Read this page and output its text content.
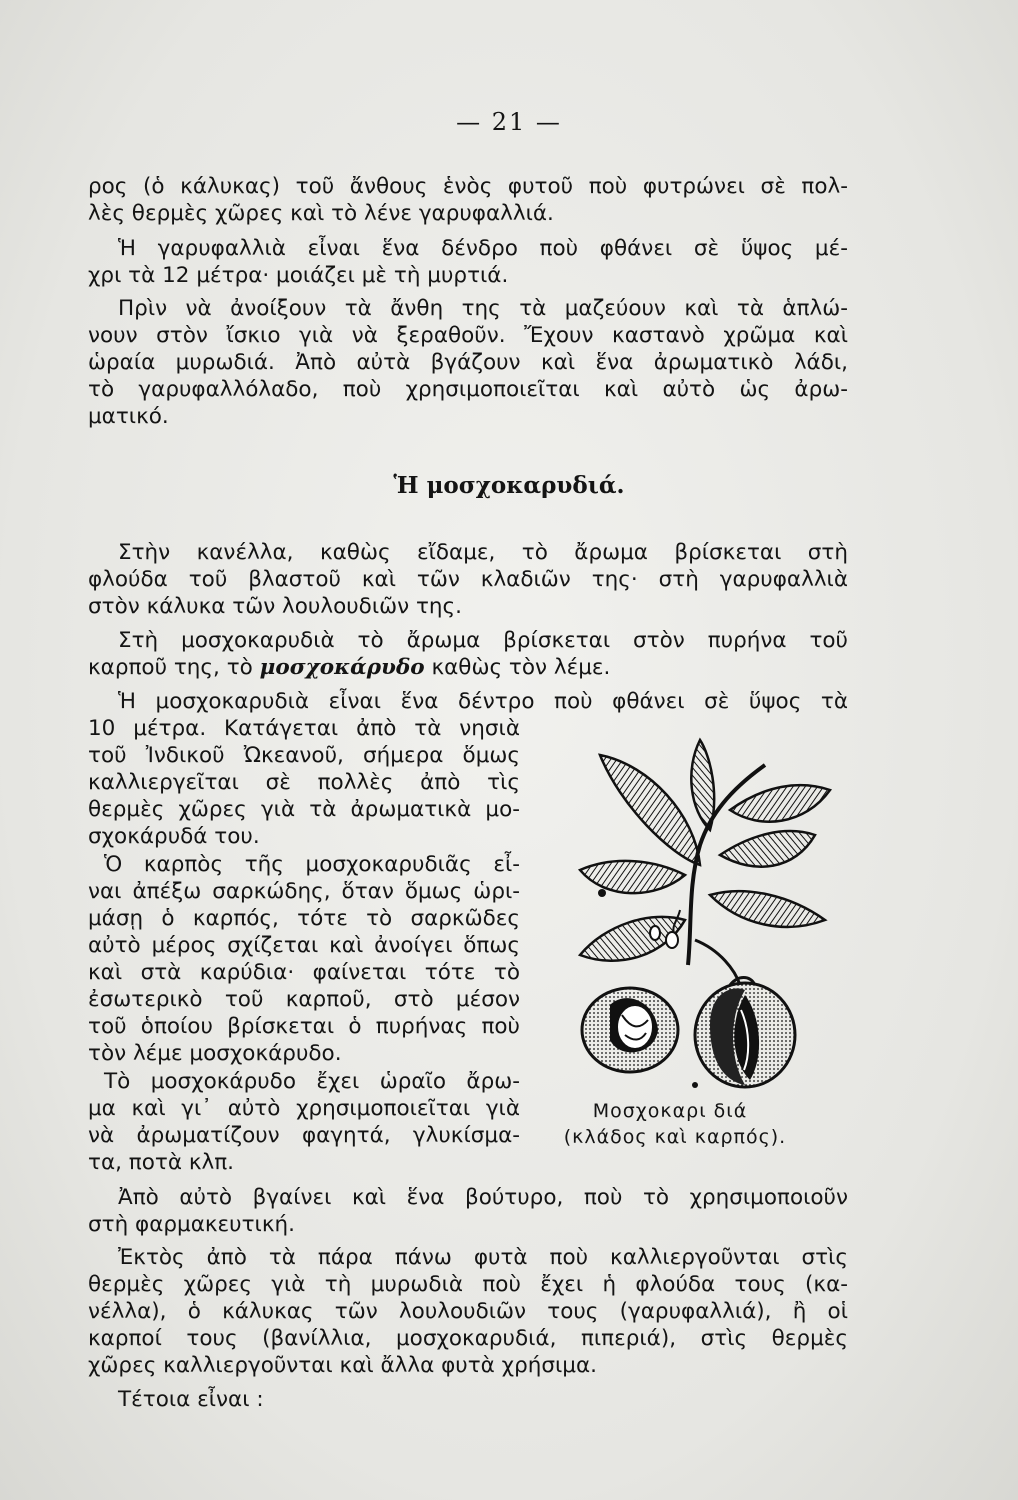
— 21 —
ρος (ὁ κάλυκας) τοῦ ἄνθους ἑνὸς φυτοῦ ποὺ φυτρώνει σὲ πολ-
λὲς θερμὲς χῶρες καὶ τὸ λένε γαρυφαλλιά.
Ἡ γαρυφαλλιὰ εἶναι ἕνα δένδρο ποὺ φθάνει σὲ ὕψος μέ-
χρι τὰ 12 μέτρα· μοιάζει μὲ τὴ μυρτιά.
Πρὶν νὰ ἀνοίξουν τὰ ἄνθη της τὰ μαζεύουν καὶ τὰ ἁπλώ-
νουν στὸν ἴσκιο γιὰ νὰ ξεραθοῦν. Ἔχουν καστανὸ χρῶμα καὶ
ὡραία μυρωδιά. Ἀπὸ αὐτὰ βγάζουν καὶ ἕνα ἀρωματικὸ λάδι,
τὸ γαρυφαλλόλαδο, ποὺ χρησιμοποιεῖται καὶ αὐτὸ ὡς ἀρω-
ματικό.
Ἡ μοσχοκαρυδιά.
Στὴν κανέλλα, καθὼς εἴδαμε, τὸ ἄρωμα βρίσκεται στὴ
φλούδα τοῦ βλαστοῦ καὶ τῶν κλαδιῶν της· στὴ γαρυφαλλιὰ
στὸν κάλυκα τῶν λουλουδιῶν της.
Στὴ μοσχοκαρυδιὰ τὸ ἄρωμα βρίσκεται στὸν πυρήνα τοῦ
καρποῦ της, τὸ μοσχοκάρυδο καθὼς τὸν λέμε.
Ἡ μοσχοκαρυδιὰ εἶναι ἕνα δέντρο ποὺ φθάνει σὲ ὕψος τὰ
10 μέτρα. Κατάγεται ἀπὸ τὰ νησιὰ
τοῦ Ἰνδικοῦ Ὠκεανοῦ, σήμερα ὅμως
καλλιεργεῖται σὲ πολλὲς ἀπὸ τὶς
θερμὲς χῶρες γιὰ τὰ ἀρωματικὰ μο-
σχοκάρυδά του.
Ὁ καρπὸς τῆς μοσχοκαρυδιᾶς εἶ-
ναι ἀπέξω σαρκώδης, ὅταν ὅμως ὡρι-
μάσῃ ὁ καρπός, τότε τὸ σαρκῶδες
αὐτὸ μέρος σχίζεται καὶ ἀνοίγει ὅπως
καὶ στὰ καρύδια· φαίνεται τότε τὸ
ἐσωτερικὸ τοῦ καρποῦ, στὸ μέσον
τοῦ ὁποίου βρίσκεται ὁ πυρήνας ποὺ
τὸν λέμε μοσχοκάρυδο.
Τὸ μοσχοκάρυδο ἔχει ὡραῖο ἄρω-
μα καὶ γι᾽ αὐτὸ χρησιμοποιεῖται γιὰ
νὰ ἀρωματίζουν φαγητά, γλυκίσμα-
τα, ποτὰ κλπ.
Μοσχοκαρι διά
(κλάδος καὶ καρπός).
Ἀπὸ αὐτὸ βγαίνει καὶ ἕνα βούτυρο, ποὺ τὸ χρησιμοποιοῦν
στὴ φαρμακευτική.
Ἐκτὸς ἀπὸ τὰ πάρα πάνω φυτὰ ποὺ καλλιεργοῦνται στὶς
θερμὲς χῶρες γιὰ τὴ μυρωδιὰ ποὺ ἔχει ἡ φλούδα τους (κα-
νέλλα), ὁ κάλυκας τῶν λουλουδιῶν τους (γαρυφαλλιά), ἢ οἱ
καρποί τους (βανίλλια, μοσχοκαρυδιά, πιπεριά), στὶς θερμὲς
χῶρες καλλιεργοῦνται καὶ ἄλλα φυτὰ χρήσιμα.
Τέτοια εἶναι :
